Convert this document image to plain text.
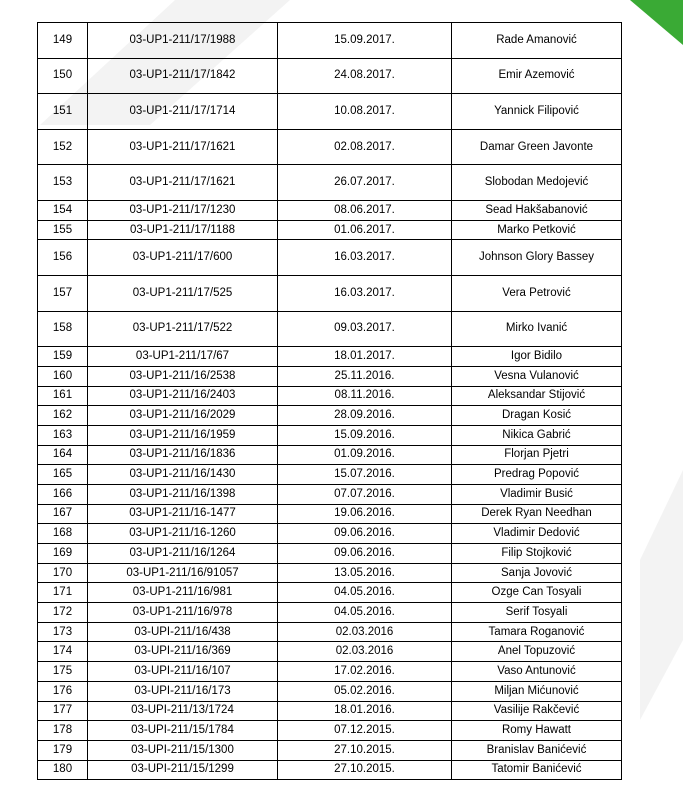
149	03-UP1-211/17/1988	15.09.2017.	Rade Amanović
150	03-UP1-211/17/1842	24.08.2017.	Emir Azemović
151	03-UP1-211/17/1714	10.08.2017.	Yannick Filipović
152	03-UP1-211/17/1621	02.08.2017.	Damar Green Javonte
153	03-UP1-211/17/1621	26.07.2017.	Slobodan Medojević
154	03-UP1-211/17/1230	08.06.2017.	Sead Hakšabanović
155	03-UP1-211/17/1188	01.06.2017.	Marko Petković
156	03-UP1-211/17/600	16.03.2017.	Johnson Glory Bassey
157	03-UP1-211/17/525	16.03.2017.	Vera Petrović
158	03-UP1-211/17/522	09.03.2017.	Mirko Ivanić
159	03-UP1-211/17/67	18.01.2017.	Igor Bidilo
160	03-UP1-211/16/2538	25.11.2016.	Vesna Vulanović
161	03-UP1-211/16/2403	08.11.2016.	Aleksandar Stijović
162	03-UP1-211/16/2029	28.09.2016.	Dragan Kosić
163	03-UP1-211/16/1959	15.09.2016.	Nikica Gabrić
164	03-UP1-211/16/1836	01.09.2016.	Florjan Pjetri
165	03-UP1-211/16/1430	15.07.2016.	Predrag Popović
166	03-UP1-211/16/1398	07.07.2016.	Vladimir Busić
167	03-UP1-211/16-1477	19.06.2016.	Derek Ryan Needhan
168	03-UP1-211/16-1260	09.06.2016.	Vladimir Dedović
169	03-UP1-211/16/1264	09.06.2016.	Filip Stojković
170	03-UP1-211/16/91057	13.05.2016.	Sanja Jovović
171	03-UP1-211/16/981	04.05.2016.	Ozge Can Tosyali
172	03-UP1-211/16/978	04.05.2016.	Serif Tosyali
173	03-UPI-211/16/438	02.03.2016	Tamara Roganović
174	03-UPI-211/16/369	02.03.2016	Anel Topuzović
175	03-UPI-211/16/107	17.02.2016.	Vaso Antunović
176	03-UPI-211/16/173	05.02.2016.	Miljan Mićunović
177	03-UPI-211/13/1724	18.01.2016.	Vasilije Rakčević
178	03-UPI-211/15/1784	07.12.2015.	Romy Hawatt
179	03-UPI-211/15/1300	27.10.2015.	Branislav Banićević
180	03-UPI-211/15/1299	27.10.2015.	Tatomir Banićević
